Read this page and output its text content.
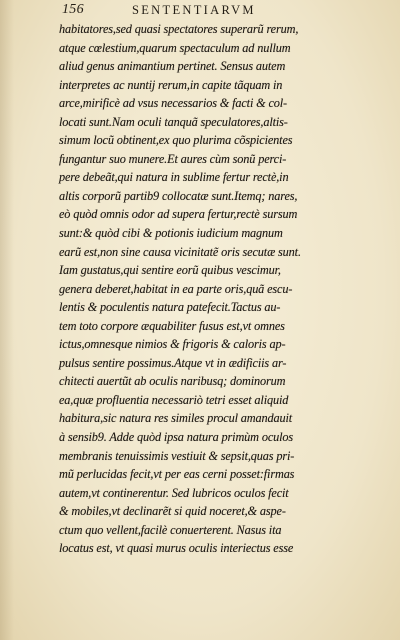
156	SENTENTIARVM
habitatores,sed quasi spectatores superarũ rerum,
atque cœlestium,quarum spectaculum ad nullum
aliud genus animantium pertinet. Sensus autem
interpretes ac nuntij rerum,in capite tãquam in
arce,mirificè ad vsus necessarios & facti & col-
locati sunt.Nam oculi tanquã speculatores,altis-
simum locũ obtinent,ex quo plurima cõspicientes
fungantur suo munere.Et aures cùm sonũ perci-
pere debeãt,qui natura in sublime fertur rectè,in
altis corporũ partib9 collocatæ sunt.Itemq; nares,
eò quòd omnis odor ad supera fertur,rectè sursum
sunt:& quòd cibi & potionis iudicium magnum
earũ est,non sine causa vicinitatẽ oris secutæ sunt.
Iam gustatus,qui sentire eorũ quibus vescimur,
genera deberet,habitat in ea parte oris,quã escu-
lentis & poculentis natura patefecit.Tactus au-
tem toto corpore æquabiliter fusus est,vt omnes
ictus,omnesque nimios & frigoris & caloris ap-
pulsus sentire possimus.Atque vt in ædificiis ar-
chitecti auertũt ab oculis naribusq; dominorum
ea,quæ profluentia necessariò tetri esset aliquid
habitura,sic natura res similes procul amandauit
à sensib9. Adde quòd ipsa natura primùm oculos
membranis tenuissimis vestiuit & sepsit,quas pri-
mũ perlucidas fecit,vt per eas cerni posset:firmas
autem,vt continerentur. Sed lubricos oculos fecit
& mobiles,vt declinarẽt si quid noceret,& aspe-
ctum quo vellent,facilè conuerterent. Nasus ita
locatus est, vt quasi murus oculis interiectus esse
